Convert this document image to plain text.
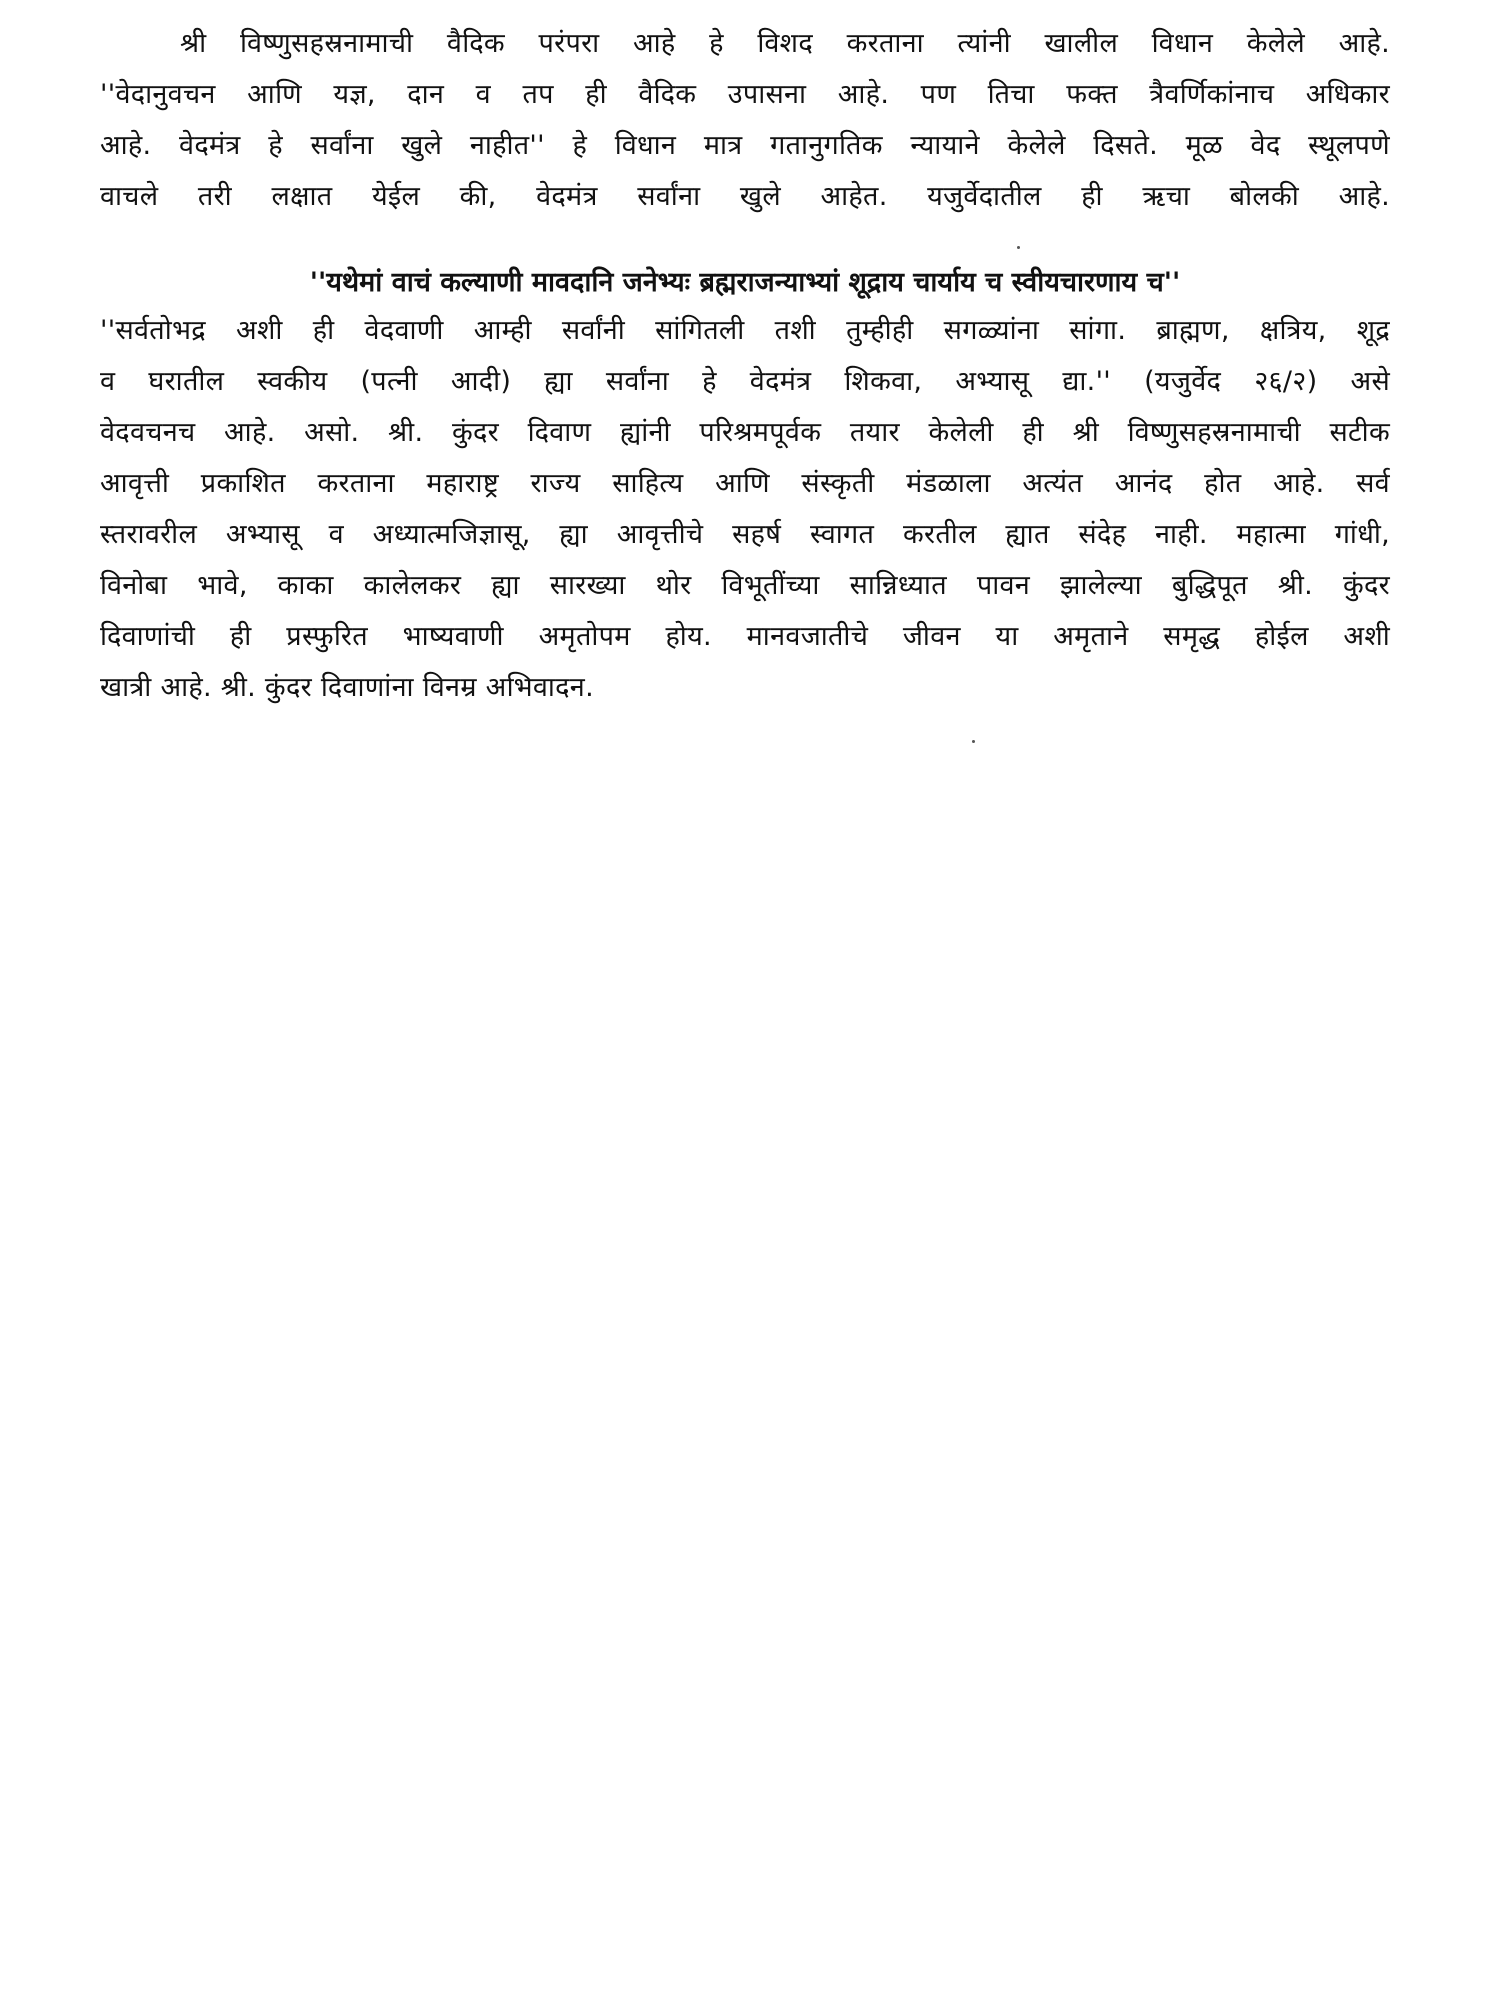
श्री विष्णुसहस्रनामाची वैदिक परंपरा आहे हे विशद करताना त्यांनी खालील विधान केलेले आहे.
''वेदानुवचन आणि यज्ञ, दान व तप ही वैदिक उपासना आहे. पण तिचा फक्त त्रैवर्णिकांनाच अधिकार
आहे. वेदमंत्र हे सर्वांना खुले नाहीत'' हे विधान मात्र गतानुगतिक न्यायाने केलेले दिसते. मूळ वेद स्थूलपणे
वाचले तरी लक्षात येईल की, वेदमंत्र सर्वांना खुले आहेत. यजुर्वेदातील ही ऋचा बोलकी आहे.
''यथेमां वाचं कल्याणी मावदानि जनेभ्यः ब्रह्मराजन्याभ्यां शूद्राय चार्याय च स्वीयचारणाय च''
''सर्वतोभद्र अशी ही वेदवाणी आम्ही सर्वांनी सांगितली तशी तुम्हीही सगळ्यांना सांगा. ब्राह्मण, क्षत्रिय, शूद्र
व घरातील स्वकीय (पत्नी आदी) ह्या सर्वांना हे वेदमंत्र शिकवा, अभ्यासू द्या.'' (यजुर्वेद २६/२) असे
वेदवचनच आहे. असो. श्री. कुंदर दिवाण ह्यांनी परिश्रमपूर्वक तयार केलेली ही श्री विष्णुसहस्रनामाची सटीक
आवृत्ती प्रकाशित करताना महाराष्ट्र राज्य साहित्य आणि संस्कृती मंडळाला अत्यंत आनंद होत आहे. सर्व
स्तरावरील अभ्यासू व अध्यात्मजिज्ञासू, ह्या आवृत्तीचे सहर्ष स्वागत करतील ह्यात संदेह नाही. महात्मा गांधी,
विनोबा भावे, काका कालेलकर ह्या सारख्या थोर विभूतींच्या सान्निध्यात पावन झालेल्या बुद्धिपूत श्री. कुंदर
दिवाणांची ही प्रस्फुरित भाष्यवाणी अमृतोपम होय. मानवजातीचे जीवन या अमृताने समृद्ध होईल अशी
खात्री आहे. श्री. कुंदर दिवाणांना विनम्र अभिवादन.
